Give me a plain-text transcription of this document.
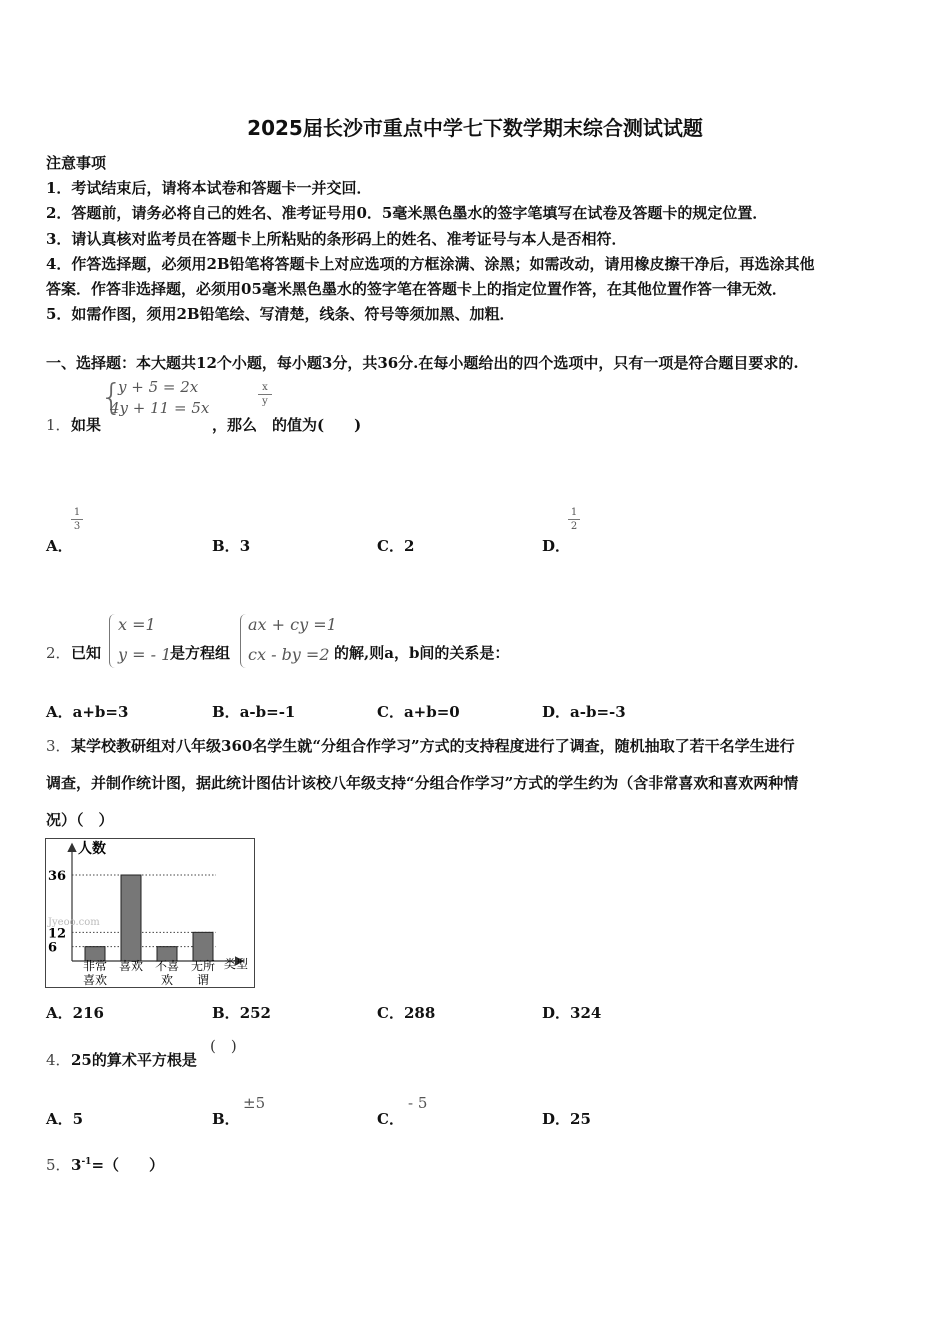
2025届长沙市重点中学七下数学期末综合测试试题
注意事项
1．考试结束后，请将本试卷和答题卡一并交回．
2．答题前，请务必将自己的姓名、准考证号用0．5毫米黑色墨水的签字笔填写在试卷及答题卡的规定位置．
3．请认真核对监考员在答题卡上所粘贴的条形码上的姓名、准考证号与本人是否相符．
4．作答选择题，必须用2B铅笔将答题卡上对应选项的方框涂满、涂黑；如需改动，请用橡皮擦干净后，再选涂其他
答案．作答非选择题，必须用05毫米黑色墨水的签字笔在答题卡上的指定位置作答，在其他位置作答一律无效．
5．如需作图，须用2B铅笔绘、写清楚，线条、符号等须加黑、加粗．
一、选择题：本大题共12个小题，每小题3分，共36分.在每小题给出的四个选项中，只有一项是符合题目要求的.
{
y + 5 = 2x
4y + 11 = 5x
x
y
1． 如果	，那么 的值为(　　)
1
3
1
2
A．	B．3	C．2	D．
2． 已知
x =1
y = - 1
是方程组
ax + cy =1
cx - by =2 的解,则a，b间的关系是：
A．a+b=3	B．a-b=-1	C．a+b=0	D．a-b=-3
3． 某学校教研组对八年级360名学生就“分组合作学习”方式的支持程度进行了调查，随机抽取了若干名学生进行
调查，并制作统计图，据此统计图估计该校八年级支持“分组合作学习”方式的学生约为（含非常喜欢和喜欢两种情
况）（　）
人数
类型
Jyeoo.com
6
12
36
非常
喜欢
喜欢 不喜
欢
无所
谓
A．216	B．252	C．288	D．324
4． 25的算术平方根是
(　)
A．5	B．
±5
C．
- 5
D．25
5． $3^{-1}=$（　　）
